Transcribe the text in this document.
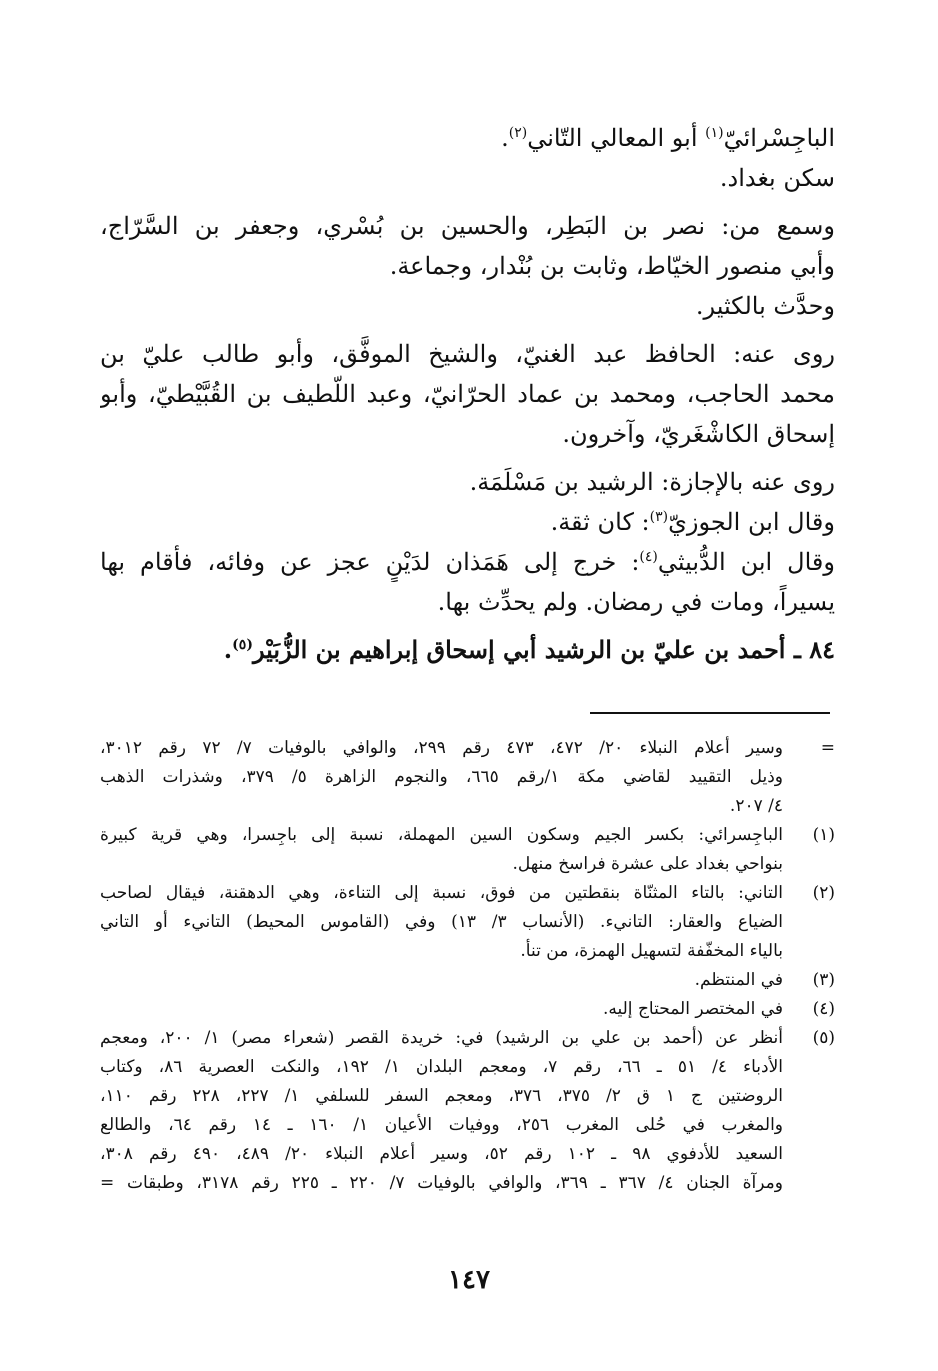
الباجِسْرائيّ$^{(١)}$ أبو المعالي التّاني$^{(٢)}$.
سكن بغداد.
وسمع من: نصر بن البَطِر، والحسين بن بُسْري، وجعفر بن السَّرّاج،
وأبي منصور الخيّاط، وثابت بن بُنْدار، وجماعة.
وحدَّث بالكثير.
روى عنه: الحافظ عبد الغنيّ، والشيخ الموفَّق، وأبو طالب عليّ بن
محمد الحاجب، ومحمد بن عماد الحرّانيّ، وعبد اللّطيف بن القُبَّيْطيّ، وأبو
إسحاق الكاشْغَريّ، وآخرون.
روى عنه بالإجازة: الرشيد بن مَسْلَمَة.
وقال ابن الجوزيّ$^{(٣)}$: كان ثقة.
وقال ابن الدُّبيثي$^{(٤)}$: خرج إلى هَمَذان لدَيْنٍ عجز عن وفائه، فأقام بها
يسيراً، ومات في رمضان. ولم يحدِّث بها.
٨٤ ـ أحمد بن عليّ بن الرشيد أبي إسحاق إبراهيم بن الزُّبَيْر$^{(٥)}$.
=
وسير أعلام النبلاء ٢٠/ ٤٧٢، ٤٧٣ رقم ٢٩٩، والوافي بالوفيات ٧/ ٧٢ رقم ٣٠١٢،
وذيل التقييد لقاضي مكة ١/رقم ٦٦٥، والنجوم الزاهرة ٥/ ٣٧٩، وشذرات الذهب
٤/ ٢٠٧.
(١)
الباجِسرائي: بكسر الجيم وسكون السين المهملة، نسبة إلى باجِسرا، وهي قرية كبيرة
بنواحي بغداد على عشرة فراسخ منهل.
(٢)
التاني: بالتاء المثنّاة بنقطتين من فوق، نسبة إلى التناءة، وهي الدهقنة، فيقال لصاحب
الضياع والعقار: التانيء. (الأنساب ٣/ ١٣) وفي (القاموس المحيط) التانيء أو التاني
بالياء المخفّفة لتسهيل الهمزة، من تنأ.
(٣)
في المنتظم.
(٤)
في المختصر المحتاج إليه.
(٥)
أنظر عن (أحمد بن علي بن الرشيد) في: خريدة القصر (شعراء مصر) ١/ ٢٠٠، ومعجم
الأدباء ٤/ ٥١ ـ ٦٦، رقم ٧، ومعجم البلدان ١/ ١٩٢، والنكت العصرية ٨٦، وكتاب
الروضتين ج ١ ق ٢/ ٣٧٥، ٣٧٦، ومعجم السفر للسلفي ١/ ٢٢٧، ٢٢٨ رقم ١١٠،
والمغرب في حُلى المغرب ٢٥٦، ووفيات الأعيان ١/ ١٦٠ ـ ١٤ رقم ٦٤، والطالع
السعيد للأدفوي ٩٨ ـ ١٠٢ رقم ٥٢، وسير أعلام النبلاء ٢٠/ ٤٨٩، ٤٩٠ رقم ٣٠٨،
ومرآة الجنان ٤/ ٣٦٧ ـ ٣٦٩، والوافي بالوفيات ٧/ ٢٢٠ ـ ٢٢٥ رقم ٣١٧٨، وطبقات =
١٤٧
